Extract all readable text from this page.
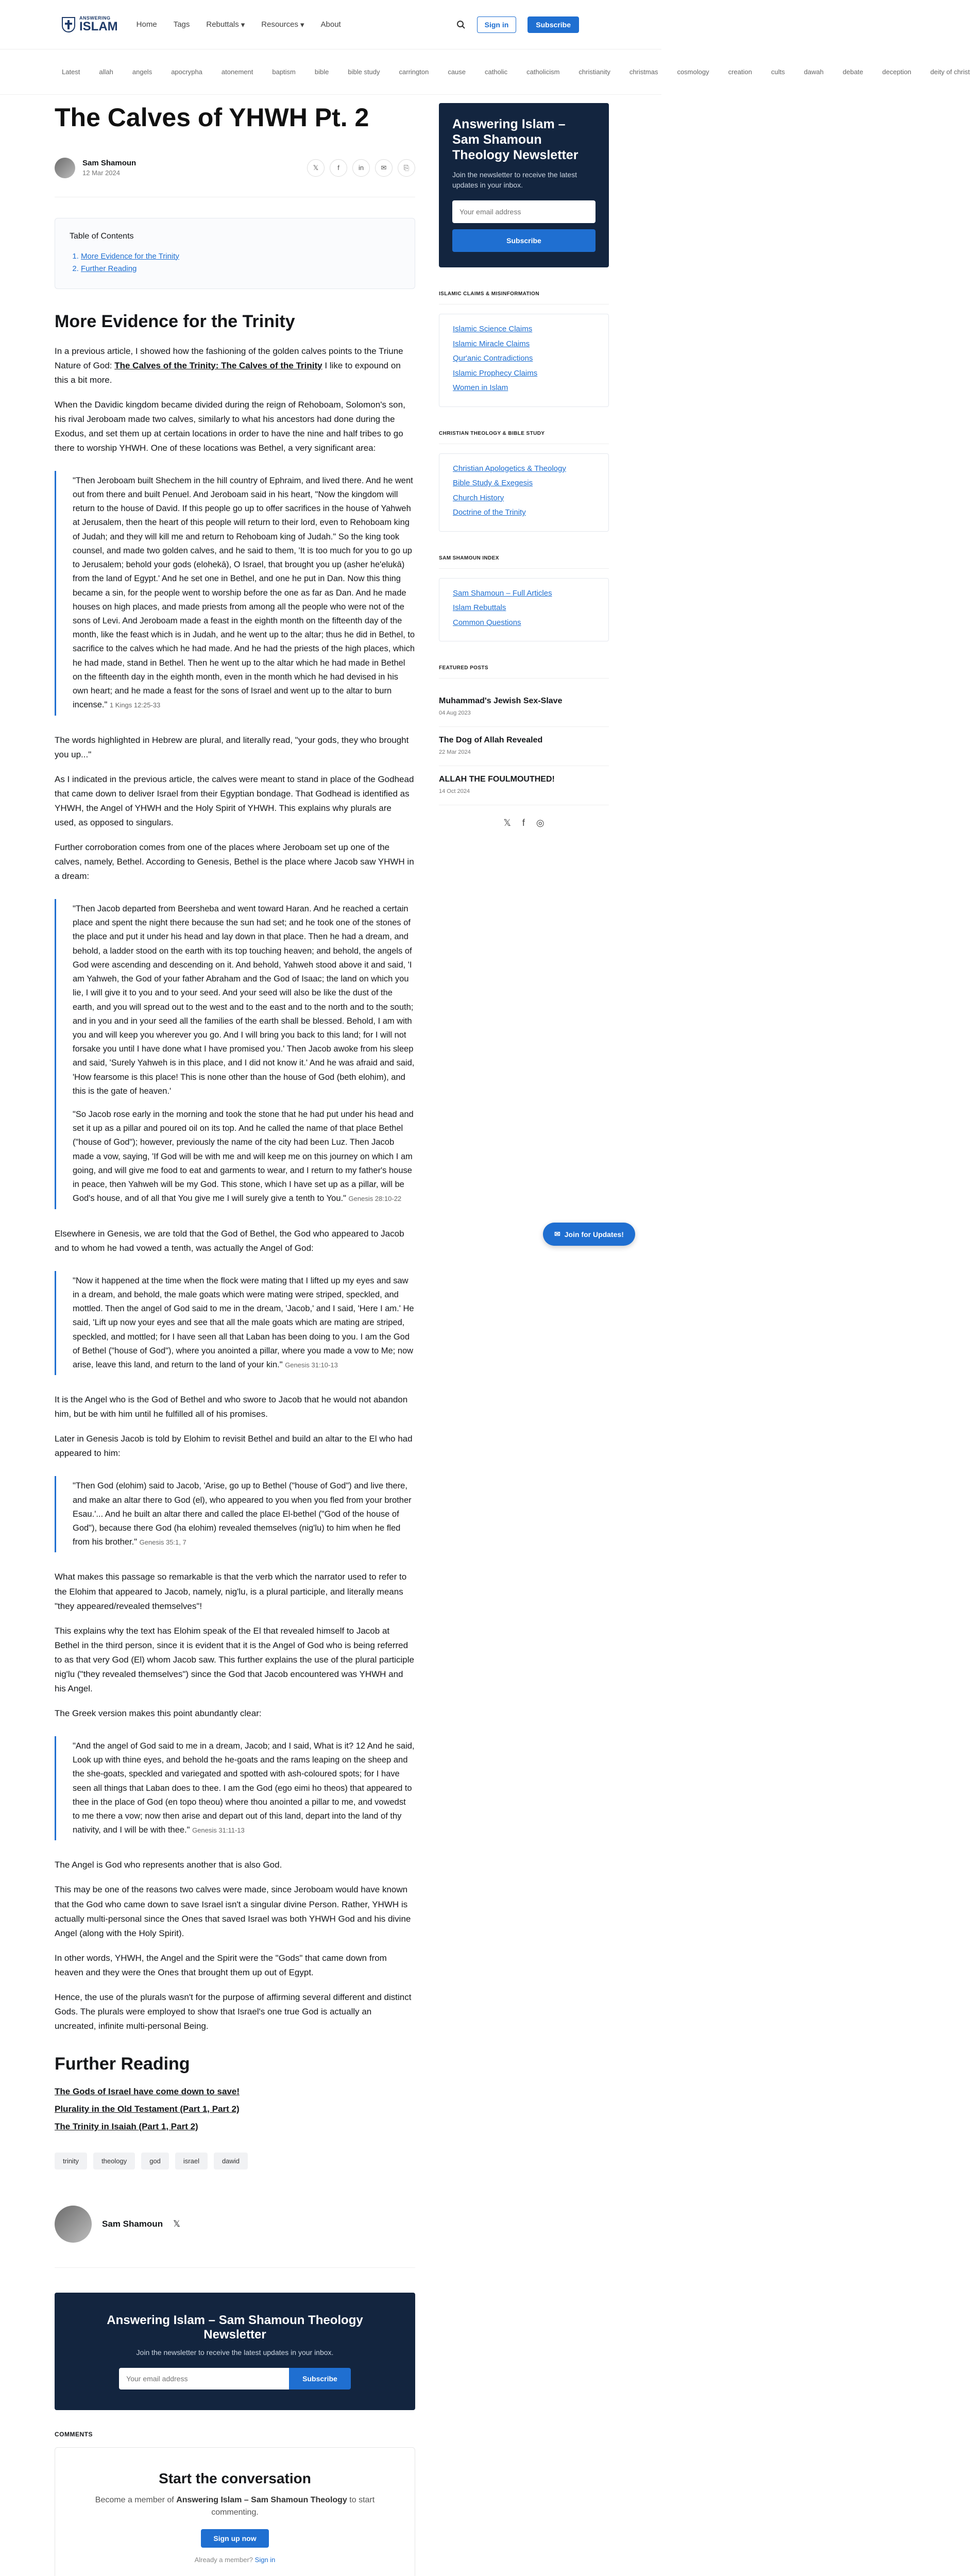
ANSWERING
ISLAM Home Tags Rebuttals ▾ Resources ▾ About	Sign in	Subscribe
Latest	allah	angels	apocrypha	atonement	baptism	bible	bible study	carrington	cause	catholic	catholicism	christianity	christmas	cosmology	creation	cults	dawah	debate	deception	deity of christ
The Calves of YHWH Pt. 2
Sam Shamoun
12 Mar 2024
𝕏	f	in	✉	⎘
Table of Contents
1. More Evidence for the Trinity
2. Further Reading
More Evidence for the Trinity

In a previous article, I showed how the fashioning of the golden calves points to the Triune Nature of God: The Calves of the Trinity: The Calves of the Trinity I like to expound on this a bit more.

When the Davidic kingdom became divided during the reign of Rehoboam, Solomon's son, his rival Jeroboam made two calves, similarly to what his ancestors had done during the Exodus, and set them up at certain locations in order to have the nine and half tribes to go there to worship YHWH. One of these locations was Bethel, a very significant area:

"Then Jeroboam built Shechem in the hill country of Ephraim, and lived there. And he went out from there and built Penuel. And Jeroboam said in his heart, "Now the kingdom will return to the house of David. If this people go up to offer sacrifices in the house of Yahweh at Jerusalem, then the heart of this people will return to their lord, even to Rehoboam king of Judah; and they will kill me and return to Rehoboam king of Judah." So the king took counsel, and made two golden calves, and he said to them, 'It is too much for you to go up to Jerusalem; behold your gods (elohekā), O Israel, that brought you up (asher he'elukā) from the land of Egypt.' And he set one in Bethel, and one he put in Dan. Now this thing became a sin, for the people went to worship before the one as far as Dan. And he made houses on high places, and made priests from among all the people who were not of the sons of Levi. And Jeroboam made a feast in the eighth month on the fifteenth day of the month, like the feast which is in Judah, and he went up to the altar; thus he did in Bethel, to sacrifice to the calves which he had made. And he had the priests of the high places, which he had made, stand in Bethel. Then he went up to the altar which he had made in Bethel on the fifteenth day in the eighth month, even in the month which he had devised in his own heart; and he made a feast for the sons of Israel and went up to the altar to burn incense." 1 Kings 12:25-33

The words highlighted in Hebrew are plural, and literally read, "your gods, they who brought you up..."

As I indicated in the previous article, the calves were meant to stand in place of the Godhead that came down to deliver Israel from their Egyptian bondage. That Godhead is identified as YHWH, the Angel of YHWH and the Holy Spirit of YHWH. This explains why plurals are used, as opposed to singulars.

Further corroboration comes from one of the places where Jeroboam set up one of the calves, namely, Bethel. According to Genesis, Bethel is the place where Jacob saw YHWH in a dream:

"Then Jacob departed from Beersheba and went toward Haran. And he reached a certain place and spent the night there because the sun had set; and he took one of the stones of the place and put it under his head and lay down in that place. Then he had a dream, and behold, a ladder stood on the earth with its top touching heaven; and behold, the angels of God were ascending and descending on it. And behold, Yahweh stood above it and said, 'I am Yahweh, the God of your father Abraham and the God of Isaac; the land on which you lie, I will give it to you and to your seed. And your seed will also be like the dust of the earth, and you will spread out to the west and to the east and to the north and to the south; and in you and in your seed all the families of the earth shall be blessed. Behold, I am with you and will keep you wherever you go. And I will bring you back to this land; for I will not forsake you until I have done what I have promised you.' Then Jacob awoke from his sleep and said, 'Surely Yahweh is in this place, and I did not know it.' And he was afraid and said, 'How fearsome is this place! This is none other than the house of God (beth elohim), and this is the gate of heaven.'

"So Jacob rose early in the morning and took the stone that he had put under his head and set it up as a pillar and poured oil on its top. And he called the name of that place Bethel ("house of God"); however, previously the name of the city had been Luz. Then Jacob made a vow, saying, 'If God will be with me and will keep me on this journey on which I am going, and will give me food to eat and garments to wear, and I return to my father's house in peace, then Yahweh will be my God. This stone, which I have set up as a pillar, will be God's house, and of all that You give me I will surely give a tenth to You." Genesis 28:10-22

Elsewhere in Genesis, we are told that the God of Bethel, the God who appeared to Jacob and to whom he had vowed a tenth, was actually the Angel of God:

"Now it happened at the time when the flock were mating that I lifted up my eyes and saw in a dream, and behold, the male goats which were mating were striped, speckled, and mottled. Then the angel of God said to me in the dream, 'Jacob,' and I said, 'Here I am.' He said, 'Lift up now your eyes and see that all the male goats which are mating are striped, speckled, and mottled; for I have seen all that Laban has been doing to you. I am the God of Bethel ("house of God"), where you anointed a pillar, where you made a vow to Me; now arise, leave this land, and return to the land of your kin." Genesis 31:10-13

It is the Angel who is the God of Bethel and who swore to Jacob that he would not abandon him, but be with him until he fulfilled all of his promises.

Later in Genesis Jacob is told by Elohim to revisit Bethel and build an altar to the El who had appeared to him:

"Then God (elohim) said to Jacob, 'Arise, go up to Bethel ("house of God") and live there, and make an altar there to God (el), who appeared to you when you fled from your brother Esau.'... And he built an altar there and called the place El-bethel ("God of the house of God"), because there God (ha elohim) revealed themselves (nig'lu) to him when he fled from his brother." Genesis 35:1, 7

What makes this passage so remarkable is that the verb which the narrator used to refer to the Elohim that appeared to Jacob, namely, nig'lu, is a plural participle, and literally means "they appeared/revealed themselves"!

This explains why the text has Elohim speak of the El that revealed himself to Jacob at Bethel in the third person, since it is evident that it is the Angel of God who is being referred to as that very God (El) whom Jacob saw. This further explains the use of the plural participle nig'lu ("they revealed themselves") since the God that Jacob encountered was YHWH and his Angel.

The Greek version makes this point abundantly clear:

"And the angel of God said to me in a dream, Jacob; and I said, What is it? 12 And he said, Look up with thine eyes, and behold the he-goats and the rams leaping on the sheep and the she-goats, speckled and variegated and spotted with ash-coloured spots; for I have seen all things that Laban does to thee. I am the God (ego eimi ho theos) that appeared to thee in the place of God (en topo theou) where thou anointed a pillar to me, and vowedst to me there a vow; now then arise and depart out of this land, depart into the land of thy nativity, and I will be with thee." Genesis 31:11-13

The Angel is God who represents another that is also God.

This may be one of the reasons two calves were made, since Jeroboam would have known that the God who came down to save Israel isn't a singular divine Person. Rather, YHWH is actually multi-personal since the Ones that saved Israel was both YHWH God and his divine Angel (along with the Holy Spirit).

In other words, YHWH, the Angel and the Spirit were the "Gods" that came down from heaven and they were the Ones that brought them up out of Egypt.

Hence, the use of the plurals wasn't for the purpose of affirming several different and distinct Gods. The plurals were employed to show that Israel's one true God is actually an uncreated, infinite multi-personal Being.

Further Reading

The Gods of Israel have come down to save!

Plurality in the Old Testament (Part 1, Part 2)

The Trinity in Isaiah (Part 1, Part 2)

trinity	theology	god	israel	dawid
Sam Shamoun 𝕏
Answering Islam – Sam Shamoun Theology Newsletter

Join the newsletter to receive the latest updates in your inbox.

Your email address
Subscribe
COMMENTS
Start the conversation

Become a member of Answering Islam – Sam Shamoun Theology to start commenting.

Sign up now
Already a member? Sign in
Answering Islam – Sam Shamoun Theology Newsletter

Join the newsletter to receive the latest updates in your inbox.

Your email address Subscribe
ISLAMIC CLAIMS & MISINFORMATION
Islamic Science Claims
Islamic Miracle Claims
Qur'anic Contradictions
Islamic Prophecy Claims
Women in Islam
CHRISTIAN THEOLOGY & BIBLE STUDY
Christian Apologetics & Theology
Bible Study & Exegesis
Church History
Doctrine of the Trinity
SAM SHAMOUN INDEX
Sam Shamoun – Full Articles
Islam Rebuttals
Common Questions
FEATURED POSTS
Muhammad's Jewish Sex-Slave
04 Aug 2023
The Dog of Allah Revealed
22 Mar 2024
ALLAH THE FOULMOUTHED!
14 Oct 2024
𝕏 f ◎
✉ Join for Updates!
